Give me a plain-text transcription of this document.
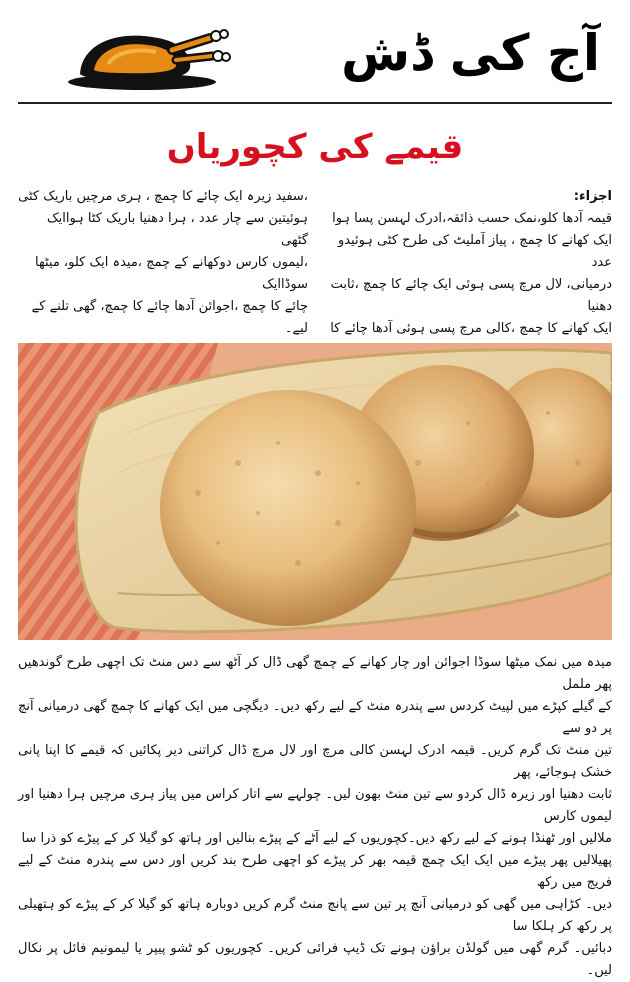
آج کی ڈش
قیمے کی کچوریاں

اجزاء:

قیمہ آدھا کلو،نمک حسب ذائقہ،ادرک لہسن پسا ہوا

ایک کھانے کا چمچ ، پیاز آملیٹ کی طرح کٹی ہوئیدو عدد

درمیانی، لال مرچ پسی ہوئی ایک چائے کا چمچ ،ثابت دھنیا

ایک کھانے کا چمچ ،کالی مرچ پسی ہوئی آدھا چائے کا

،سفید زیرہ ایک چائے کا چمچ ، ہری مرچیں باریک کٹی

ہوئیتین سے چار عدد ، ہرا دھنیا باریک کٹا ہواایک گٹھی

،لیموں کارس دوکھانے کے چمچ ،میدہ ایک کلو، میٹھا سوڈاایک

چائے کا چمچ ،اجوائن آدھا چائے کا چمچ، گھی تلنے کے لیے۔

میدہ میں نمک میٹھا سوڈا اجوائن اور چار کھانے کے چمچ گھی ڈال کر آٹھ سے دس منٹ تک اچھی طرح گوندھیں پھر ململ

کے گیلے کپڑے میں لپیٹ کردس سے پندرہ منٹ کے لیے رکھ دیں۔ دیگچی میں ایک کھانے کا چمچ گھی درمیانی آنچ پر دو سے

تین منٹ تک گرم کریں۔ قیمہ ادرک لہسن کالی مرچ اور لال مرچ ڈال کراتنی دیر پکائیں کہ قیمے کا اپنا پانی خشک ہوجائے، پھر

ثابت دھنیا اور زیرہ ڈال کردو سے تین منٹ بھون لیں۔ چولہے سے اتار کراس میں پیاز ہری مرچیں ہرا دھنیا اور لیموں کارس

ملالیں اور ٹھنڈا ہونے کے لیے رکھ دیں۔کچوریوں کے لیے آٹے کے پیڑے بنالیں اور ہاتھ کو گیلا کر کے پیڑے کو ذرا سا

پھیلالیں پھر پیڑے میں ایک ایک چمچ قیمہ بھر کر پیڑے کو اچھی طرح بند کریں اور دس سے پندرہ منٹ کے لیے فریج میں رکھ

دیں۔ کڑاہی میں گھی کو درمیانی آنچ پر تین سے پانچ منٹ گرم کریں دوبارہ ہاتھ کو گیلا کر کے پیڑے کو ہتھیلی پر رکھ کر ہلکا سا

دبائیں۔ گرم گھی میں گولڈن براؤن ہونے تک ڈیپ فرائی کریں۔ کچوریوں کو ٹشو پیپر یا لیمونیم فائل پر نکال لیں۔
